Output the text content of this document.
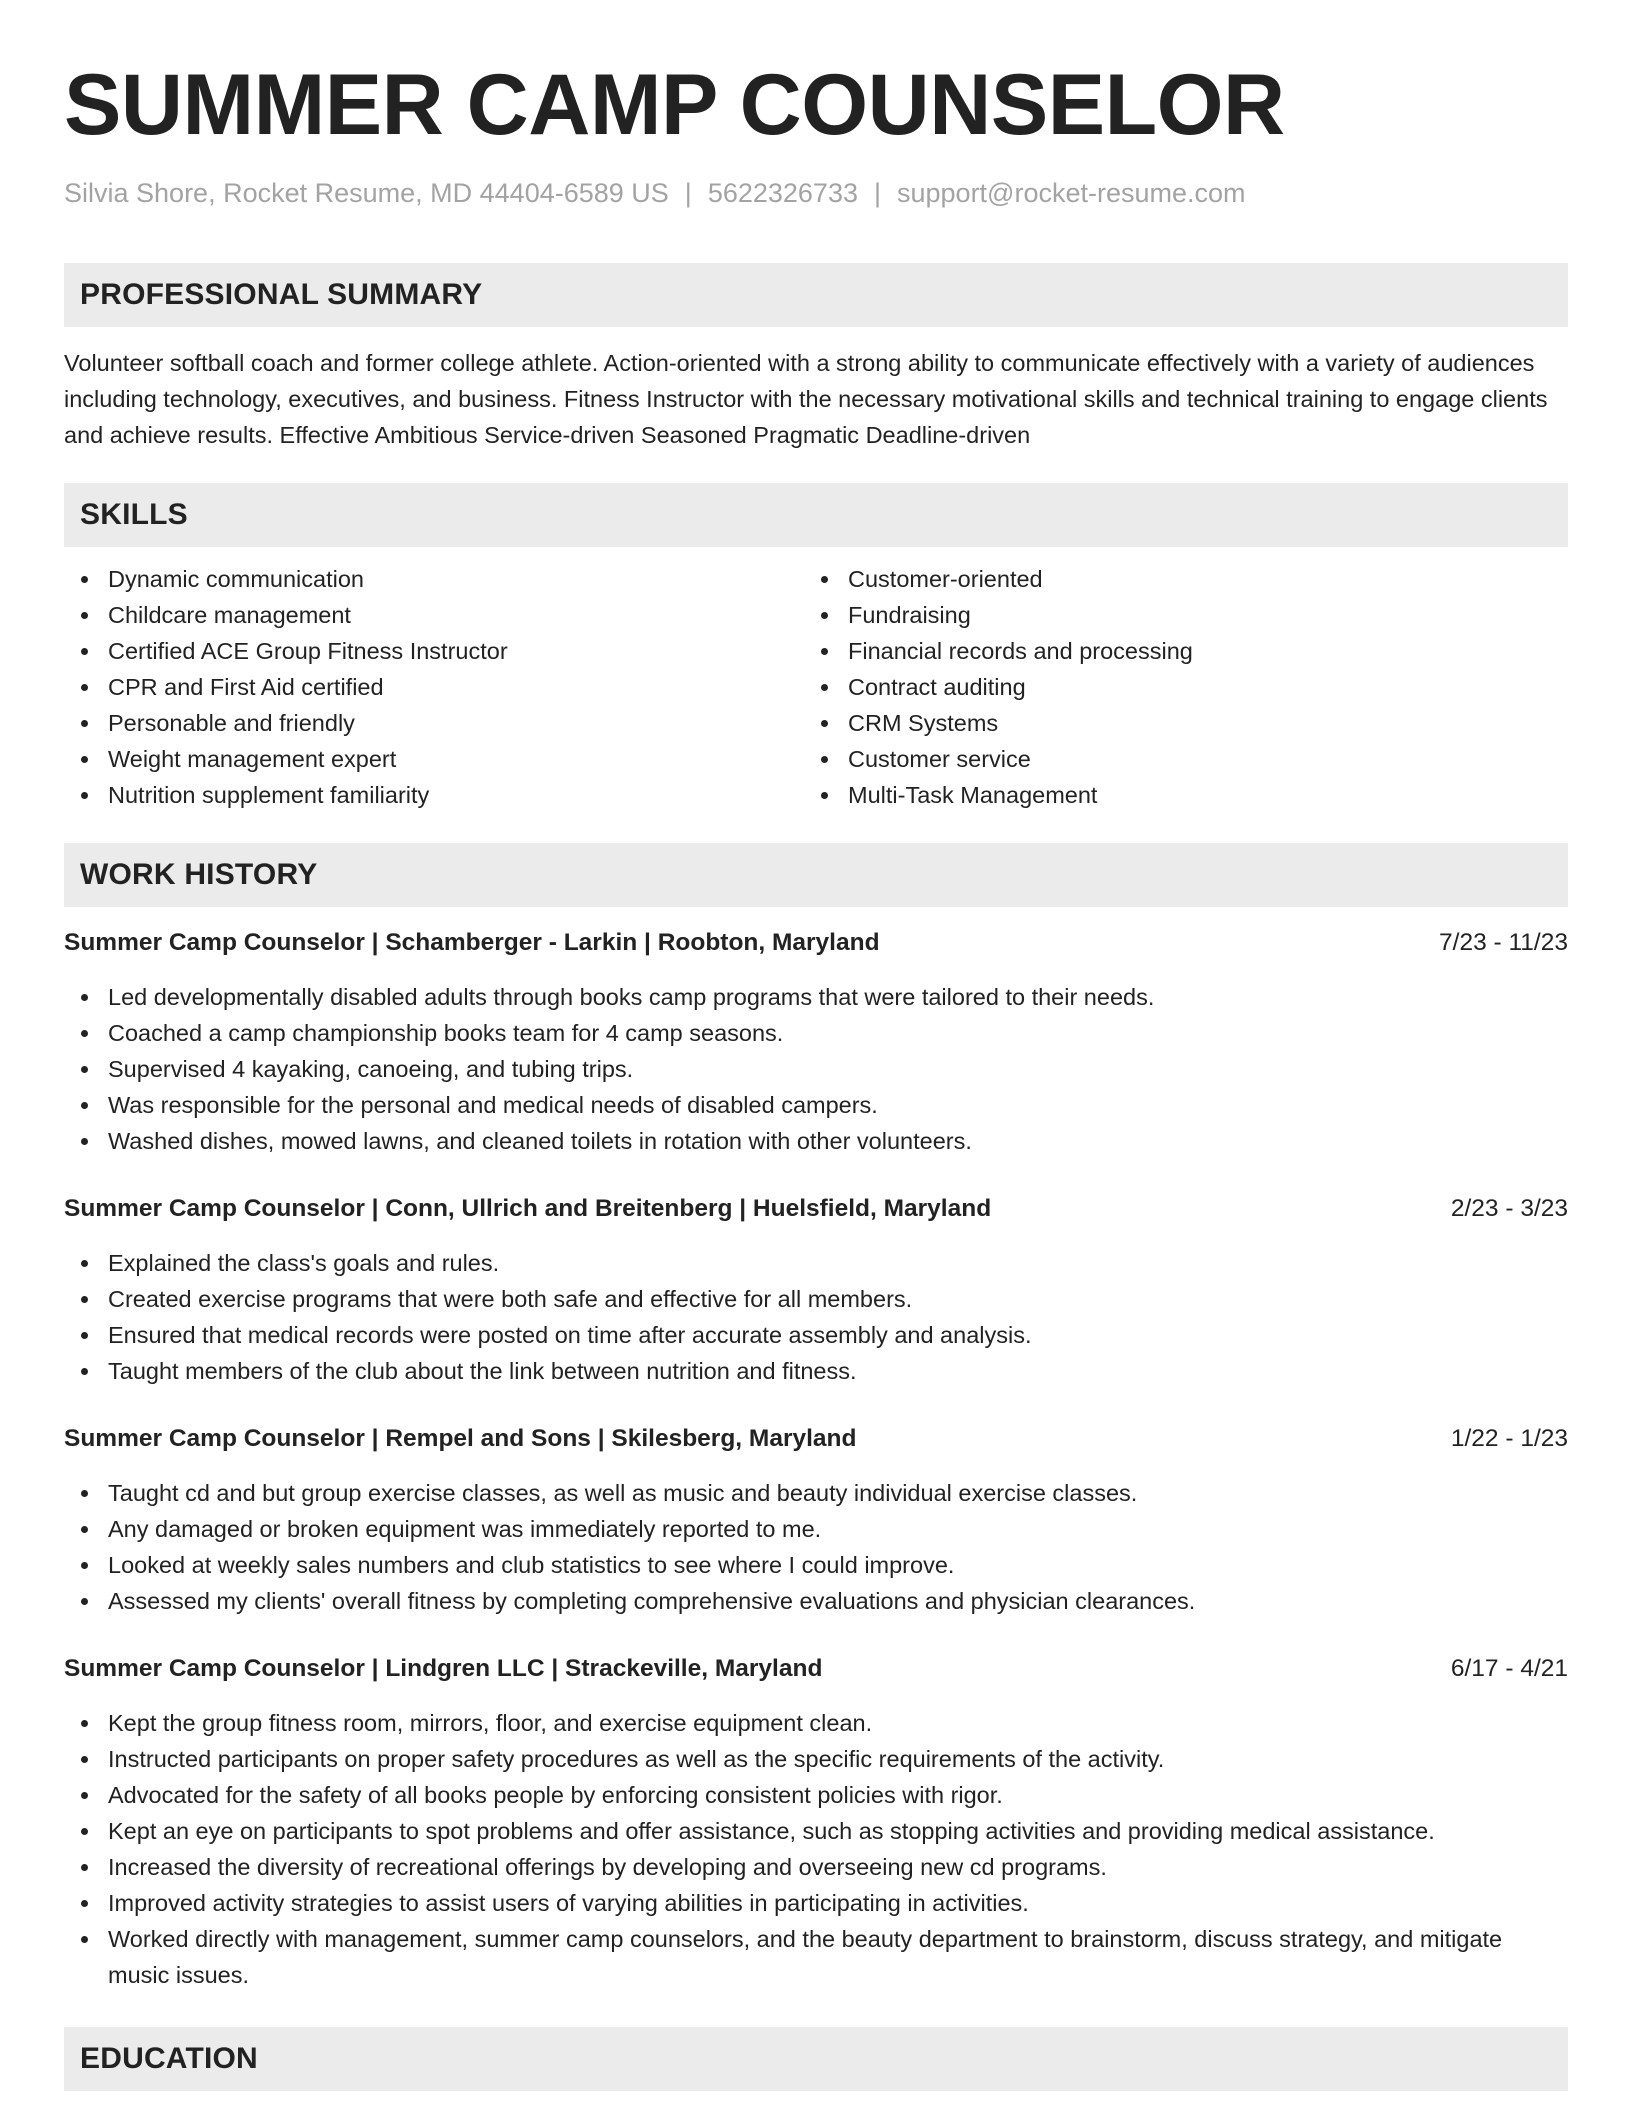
SUMMER CAMP COUNSELOR
Silvia Shore, Rocket Resume, MD 44404-6589 US | 5622326733 | support@rocket-resume.com
PROFESSIONAL SUMMARY
Volunteer softball coach and former college athlete. Action-oriented with a strong ability to communicate effectively with a variety of audiences including technology, executives, and business. Fitness Instructor with the necessary motivational skills and technical training to engage clients and achieve results. Effective Ambitious Service-driven Seasoned Pragmatic Deadline-driven
SKILLS
Dynamic communication
Childcare management
Certified ACE Group Fitness Instructor
CPR and First Aid certified
Personable and friendly
Weight management expert
Nutrition supplement familiarity
Customer-oriented
Fundraising
Financial records and processing
Contract auditing
CRM Systems
Customer service
Multi-Task Management
WORK HISTORY
Summer Camp Counselor | Schamberger - Larkin | Roobton, Maryland	7/23 - 11/23
Led developmentally disabled adults through books camp programs that were tailored to their needs.
Coached a camp championship books team for 4 camp seasons.
Supervised 4 kayaking, canoeing, and tubing trips.
Was responsible for the personal and medical needs of disabled campers.
Washed dishes, mowed lawns, and cleaned toilets in rotation with other volunteers.
Summer Camp Counselor | Conn, Ullrich and Breitenberg | Huelsfield, Maryland	2/23 - 3/23
Explained the class's goals and rules.
Created exercise programs that were both safe and effective for all members.
Ensured that medical records were posted on time after accurate assembly and analysis.
Taught members of the club about the link between nutrition and fitness.
Summer Camp Counselor | Rempel and Sons | Skilesberg, Maryland	1/22 - 1/23
Taught cd and but group exercise classes, as well as music and beauty individual exercise classes.
Any damaged or broken equipment was immediately reported to me.
Looked at weekly sales numbers and club statistics to see where I could improve.
Assessed my clients' overall fitness by completing comprehensive evaluations and physician clearances.
Summer Camp Counselor | Lindgren LLC | Strackeville, Maryland	6/17 - 4/21
Kept the group fitness room, mirrors, floor, and exercise equipment clean.
Instructed participants on proper safety procedures as well as the specific requirements of the activity.
Advocated for the safety of all books people by enforcing consistent policies with rigor.
Kept an eye on participants to spot problems and offer assistance, such as stopping activities and providing medical assistance.
Increased the diversity of recreational offerings by developing and overseeing new cd programs.
Improved activity strategies to assist users of varying abilities in participating in activities.
Worked directly with management, summer camp counselors, and the beauty department to brainstorm, discuss strategy, and mitigate music issues.
EDUCATION
